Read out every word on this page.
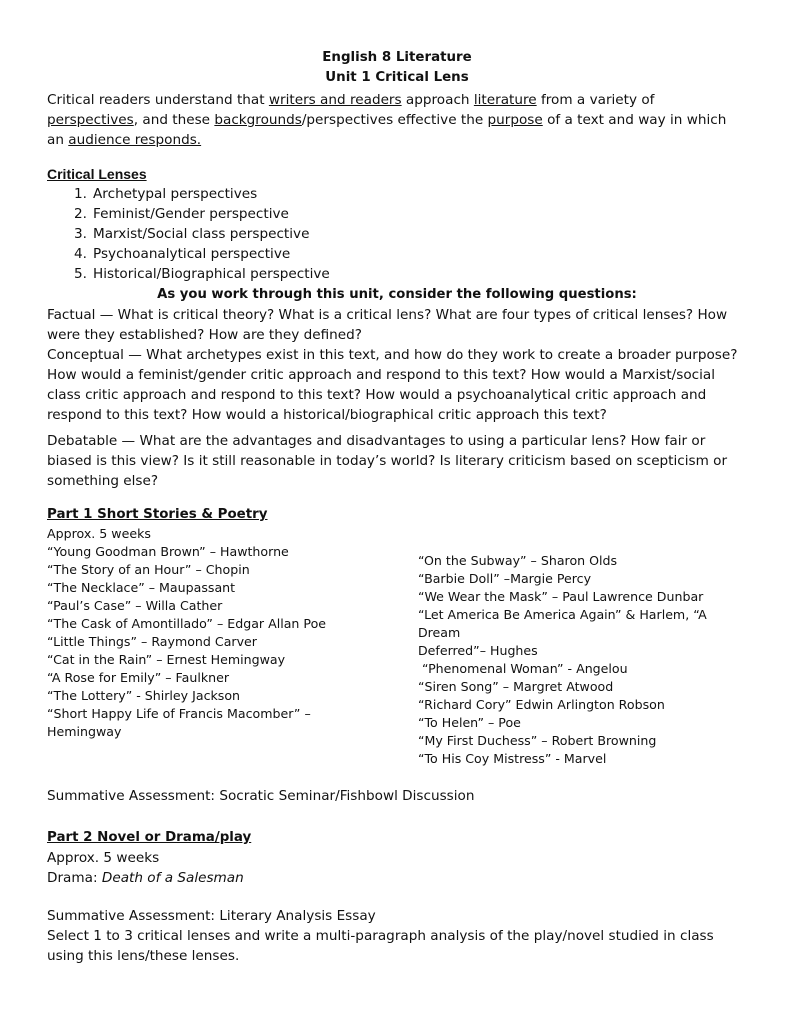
English 8 Literature
Unit 1 Critical Lens

Critical readers understand that writers and readers approach literature from a variety of perspectives, and these backgrounds/perspectives effective the purpose of a text and way in which an audience responds.

Critical Lenses
1. Archetypal perspectives
2. Feminist/Gender perspective
3. Marxist/Social class perspective
4. Psychoanalytical perspective
5. Historical/Biographical perspective
As you work through this unit, consider the following questions:

Factual — What is critical theory? What is a critical lens? What are four types of critical lenses? How were they established? How are they defined?

Conceptual — What archetypes exist in this text, and how do they work to create a broader purpose? How would a feminist/gender critic approach and respond to this text? How would a Marxist/social class critic approach and respond to this text? How would a psychoanalytical critic approach and respond to this text? How would a historical/biographical critic approach this text?

Debatable — What are the advantages and disadvantages to using a particular lens? How fair or biased is this view? Is it still reasonable in today’s world? Is literary criticism based on scepticism or something else?

Part 1 Short Stories & Poetry
Approx. 5 weeks
“Young Goodman Brown” – Hawthorne
“The Story of an Hour” – Chopin
“The Necklace” – Maupassant
“Paul’s Case” – Willa Cather
“The Cask of Amontillado” – Edgar Allan Poe
“Little Things” – Raymond Carver
“Cat in the Rain” – Ernest Hemingway
“A Rose for Emily” – Faulkner
“The Lottery” - Shirley Jackson
“Short Happy Life of Francis Macomber” –
Hemingway
“On the Subway” – Sharon Olds
“Barbie Doll” –Margie Percy
“We Wear the Mask” – Paul Lawrence Dunbar
“Let America Be America Again” & Harlem, “A Dream
Deferred”– Hughes
“Phenomenal Woman” - Angelou
“Siren Song” – Margret Atwood
“Richard Cory” Edwin Arlington Robson
“To Helen” – Poe
“My First Duchess” – Robert Browning
“To His Coy Mistress” - Marvel

Summative Assessment: Socratic Seminar/Fishbowl Discussion

Part 2 Novel or Drama/play

Approx. 5 weeks

Drama: Death of a Salesman

Summative Assessment: Literary Analysis Essay

Select 1 to 3 critical lenses and write a multi-paragraph analysis of the play/novel studied in class using this lens/these lenses.
